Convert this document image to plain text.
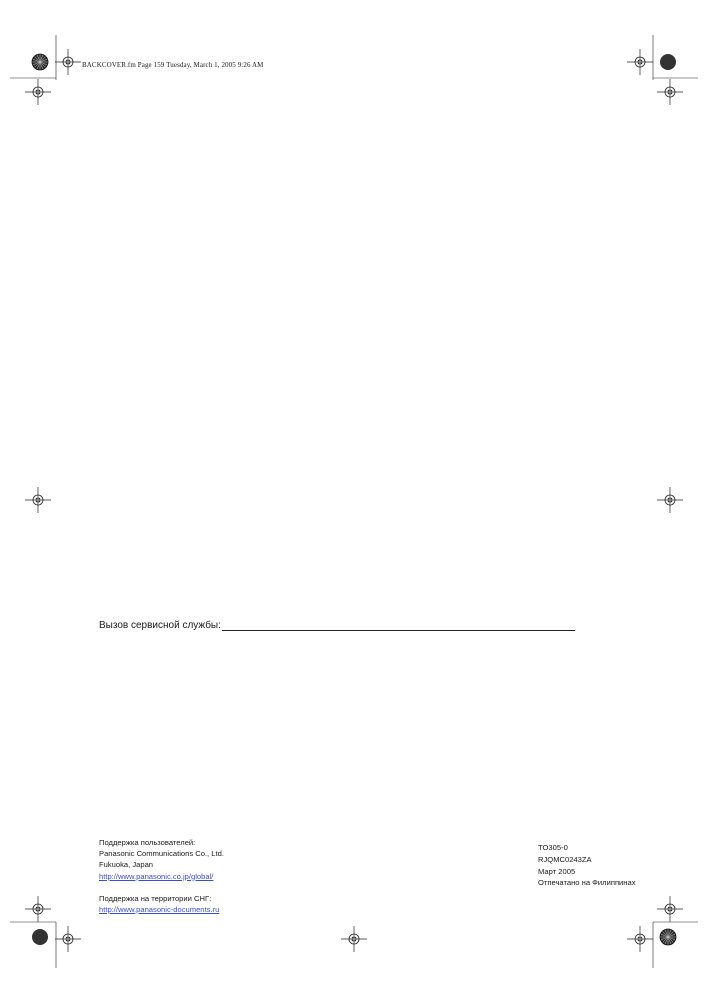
BACKCOVER.fm Page 159 Tuesday, March 1, 2005 9:26 AM
Вызов сервисной службы:
Поддержка пользователей:
Panasonic Communications Co., Ltd.
Fukuoka, Japan
http://www.panasonic.co.jp/global/
Поддержка на территории СНГ:
http://www.panasonic-documents.ru
TO305-0
RJQMC0243ZA
Март 2005
Отпечатано на Филиппинах
